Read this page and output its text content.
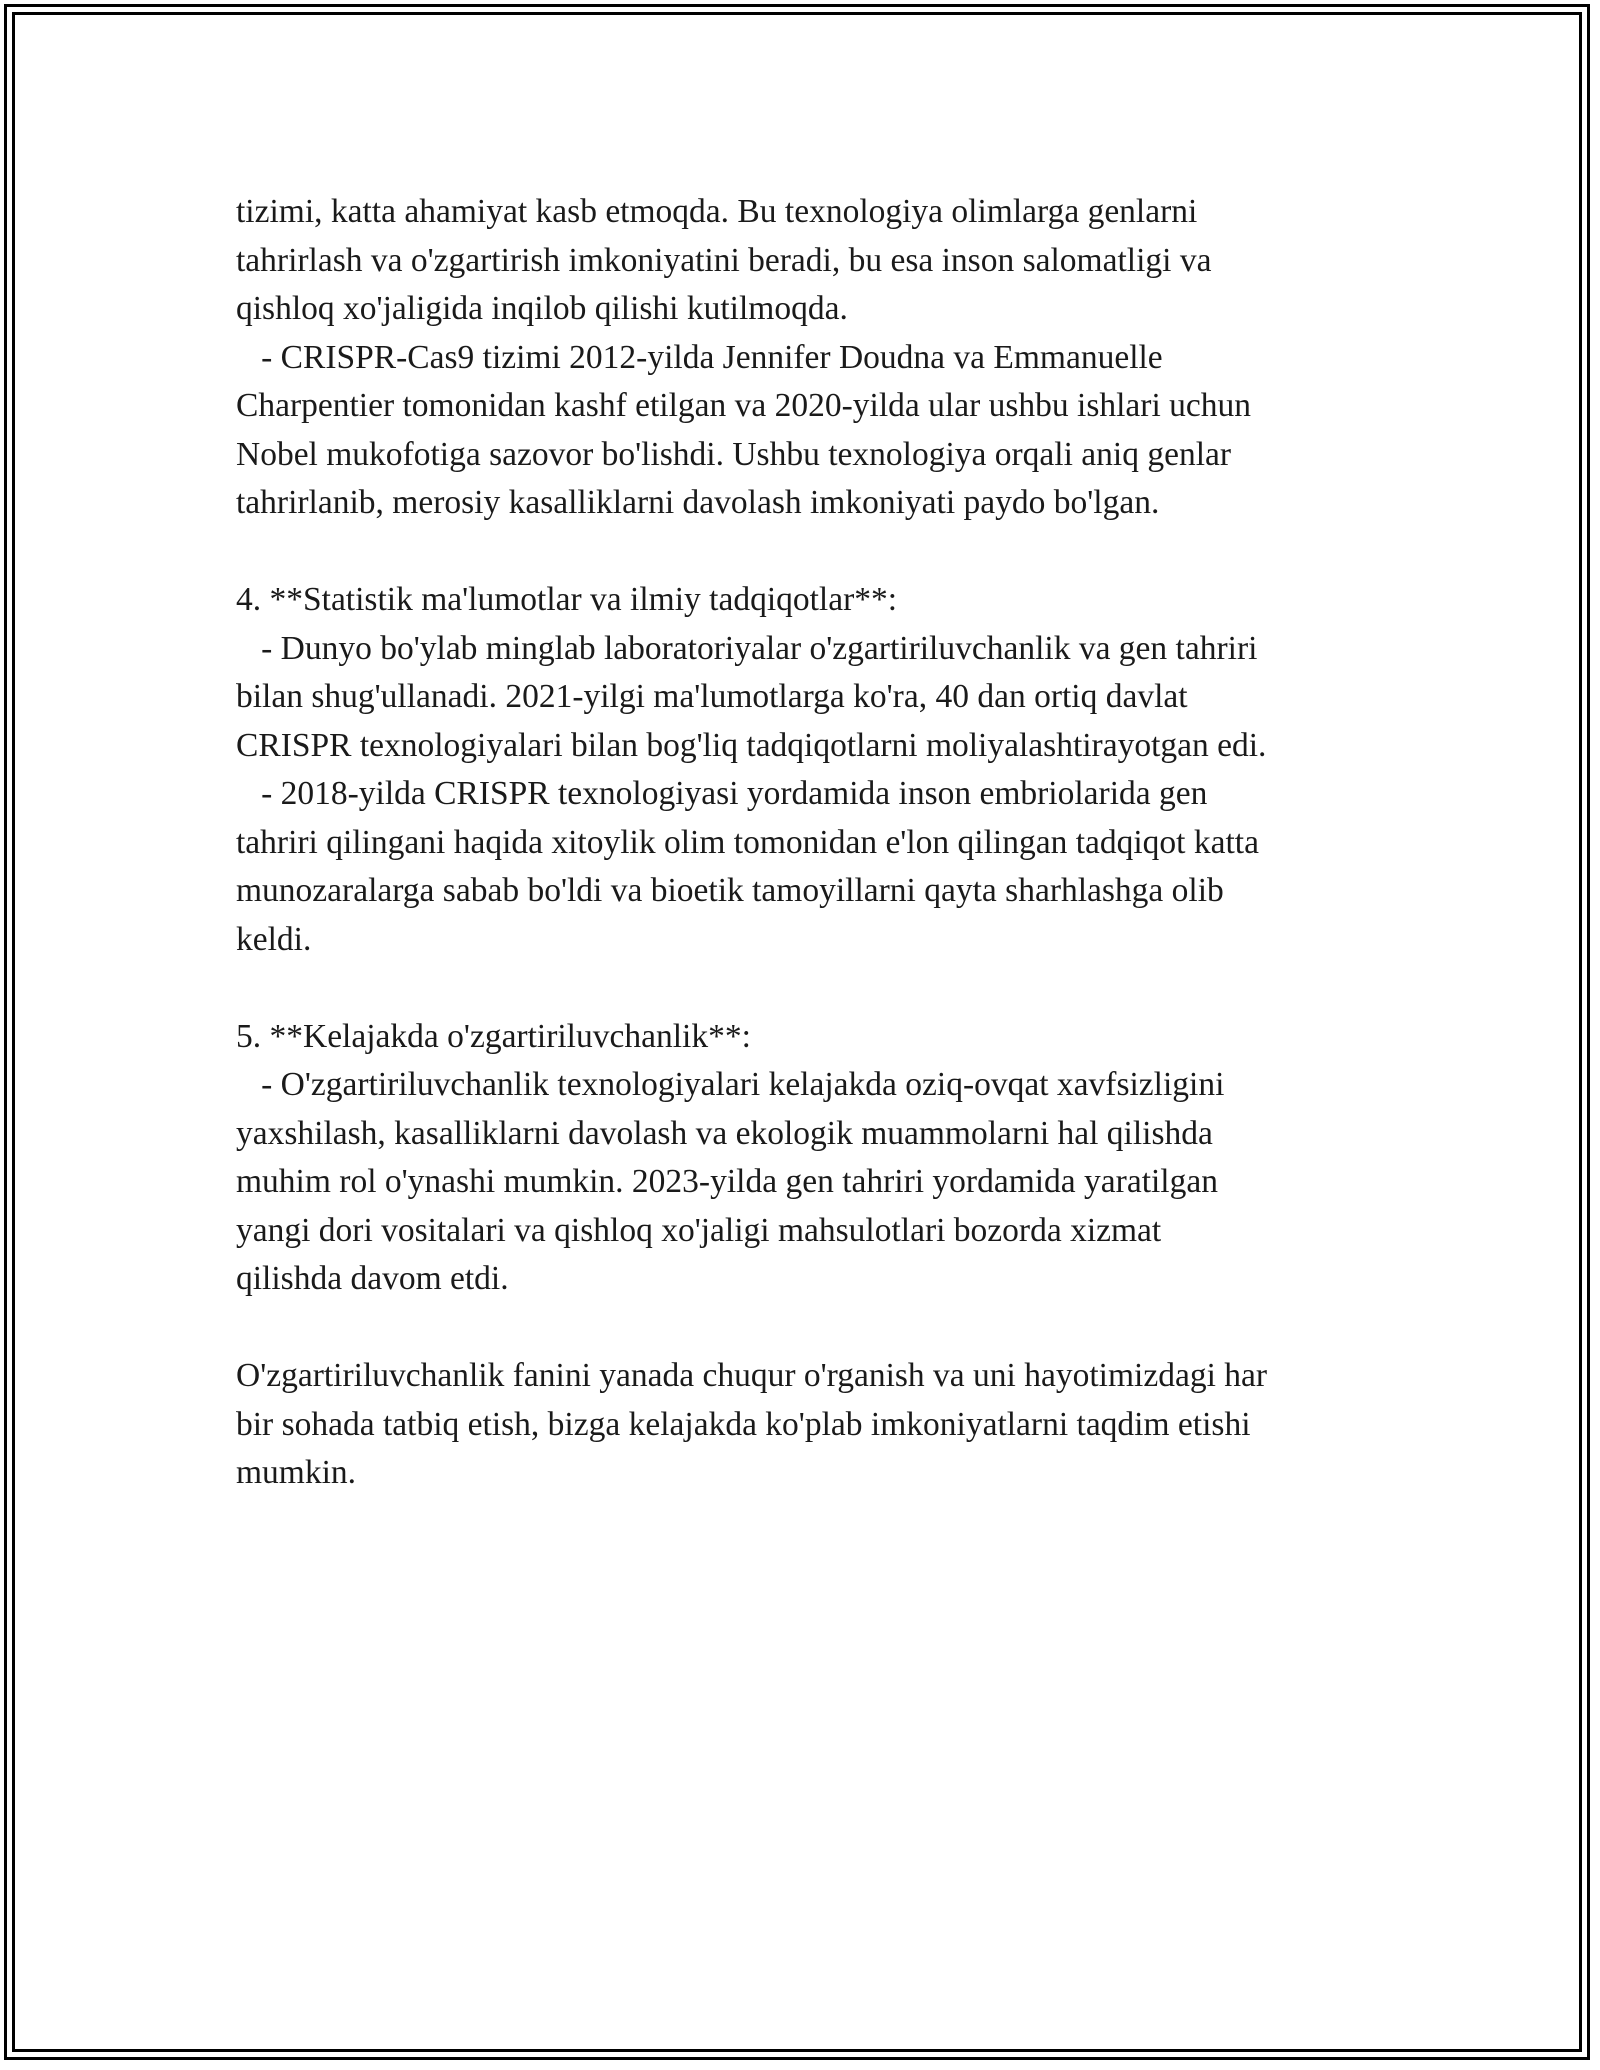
tizimi, katta ahamiyat kasb etmoqda. Bu texnologiya olimlarga genlarni
tahrirlash va o'zgartirish imkoniyatini beradi, bu esa inson salomatligi va
qishloq xo'jaligida inqilob qilishi kutilmoqda.
- CRISPR-Cas9 tizimi 2012-yilda Jennifer Doudna va Emmanuelle
Charpentier tomonidan kashf etilgan va 2020-yilda ular ushbu ishlari uchun
Nobel mukofotiga sazovor bo'lishdi. Ushbu texnologiya orqali aniq genlar
tahrirlanib, merosiy kasalliklarni davolash imkoniyati paydo bo'lgan.

4. **Statistik ma'lumotlar va ilmiy tadqiqotlar**:
- Dunyo bo'ylab minglab laboratoriyalar o'zgartiriluvchanlik va gen tahriri
bilan shug'ullanadi. 2021-yilgi ma'lumotlarga ko'ra, 40 dan ortiq davlat
CRISPR texnologiyalari bilan bog'liq tadqiqotlarni moliyalashtirayotgan edi.
- 2018-yilda CRISPR texnologiyasi yordamida inson embriolarida gen
tahriri qilingani haqida xitoylik olim tomonidan e'lon qilingan tadqiqot katta
munozaralarga sabab bo'ldi va bioetik tamoyillarni qayta sharhlashga olib
keldi.

5. **Kelajakda o'zgartiriluvchanlik**:
- O'zgartiriluvchanlik texnologiyalari kelajakda oziq-ovqat xavfsizligini
yaxshilash, kasalliklarni davolash va ekologik muammolarni hal qilishda
muhim rol o'ynashi mumkin. 2023-yilda gen tahriri yordamida yaratilgan
yangi dori vositalari va qishloq xo'jaligi mahsulotlari bozorda xizmat
qilishda davom etdi.

O'zgartiriluvchanlik fanini yanada chuqur o'rganish va uni hayotimizdagi har
bir sohada tatbiq etish, bizga kelajakda ko'plab imkoniyatlarni taqdim etishi
mumkin.
